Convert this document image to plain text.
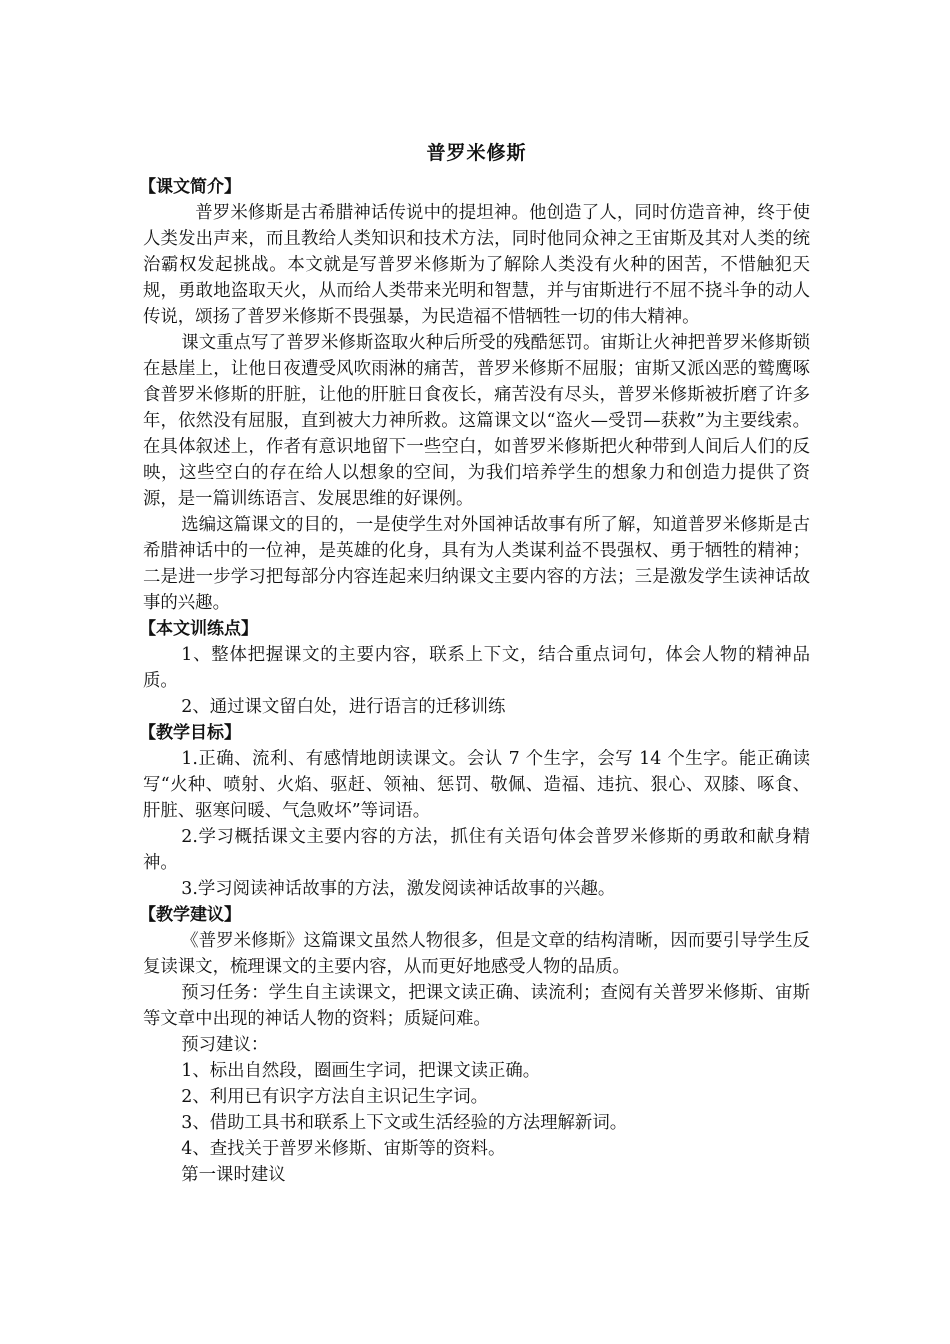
普罗米修斯
【课文简介】

普罗米修斯是古希腊神话传说中的提坦神。他创造了人，同时仿造音神，终于使人类发出声来，而且教给人类知识和技术方法，同时他同众神之王宙斯及其对人类的统治霸权发起挑战。本文就是写普罗米修斯为了解除人类没有火种的困苦，不惜触犯天规，勇敢地盗取天火，从而给人类带来光明和智慧，并与宙斯进行不屈不挠斗争的动人传说，颂扬了普罗米修斯不畏强暴，为民造福不惜牺牲一切的伟大精神。

课文重点写了普罗米修斯盗取火种后所受的残酷惩罚。宙斯让火神把普罗米修斯锁在悬崖上，让他日夜遭受风吹雨淋的痛苦，普罗米修斯不屈服；宙斯又派凶恶的鹫鹰啄食普罗米修斯的肝脏，让他的肝脏日食夜长，痛苦没有尽头，普罗米修斯被折磨了许多年，依然没有屈服，直到被大力神所救。这篇课文以“盗火—受罚—获救”为主要线索。在具体叙述上，作者有意识地留下一些空白，如普罗米修斯把火种带到人间后人们的反映，这些空白的存在给人以想象的空间，为我们培养学生的想象力和创造力提供了资源，是一篇训练语言、发展思维的好课例。

选编这篇课文的目的，一是使学生对外国神话故事有所了解，知道普罗米修斯是古希腊神话中的一位神，是英雄的化身，具有为人类谋利益不畏强权、勇于牺牲的精神；二是进一步学习把每部分内容连起来归纳课文主要内容的方法；三是激发学生读神话故事的兴趣。

【本文训练点】

1、整体把握课文的主要内容，联系上下文，结合重点词句，体会人物的精神品质。

2、通过课文留白处，进行语言的迁移训练

【教学目标】

1.正确、流利、有感情地朗读课文。会认 7 个生字，会写 14 个生字。能正确读写“火种、喷射、火焰、驱赶、领袖、惩罚、敬佩、造福、违抗、狠心、双膝、啄食、肝脏、驱寒问暖、气急败坏”等词语。

2.学习概括课文主要内容的方法，抓住有关语句体会普罗米修斯的勇敢和献身精神。

3.学习阅读神话故事的方法，激发阅读神话故事的兴趣。

【教学建议】

《普罗米修斯》这篇课文虽然人物很多，但是文章的结构清晰，因而要引导学生反复读课文，梳理课文的主要内容，从而更好地感受人物的品质。

预习任务：学生自主读课文，把课文读正确、读流利；查阅有关普罗米修斯、宙斯等文章中出现的神话人物的资料；质疑问难。

预习建议：

1、标出自然段，圈画生字词，把课文读正确。

2、利用已有识字方法自主识记生字词。

3、借助工具书和联系上下文或生活经验的方法理解新词。

4、查找关于普罗米修斯、宙斯等的资料。

第一课时建议
